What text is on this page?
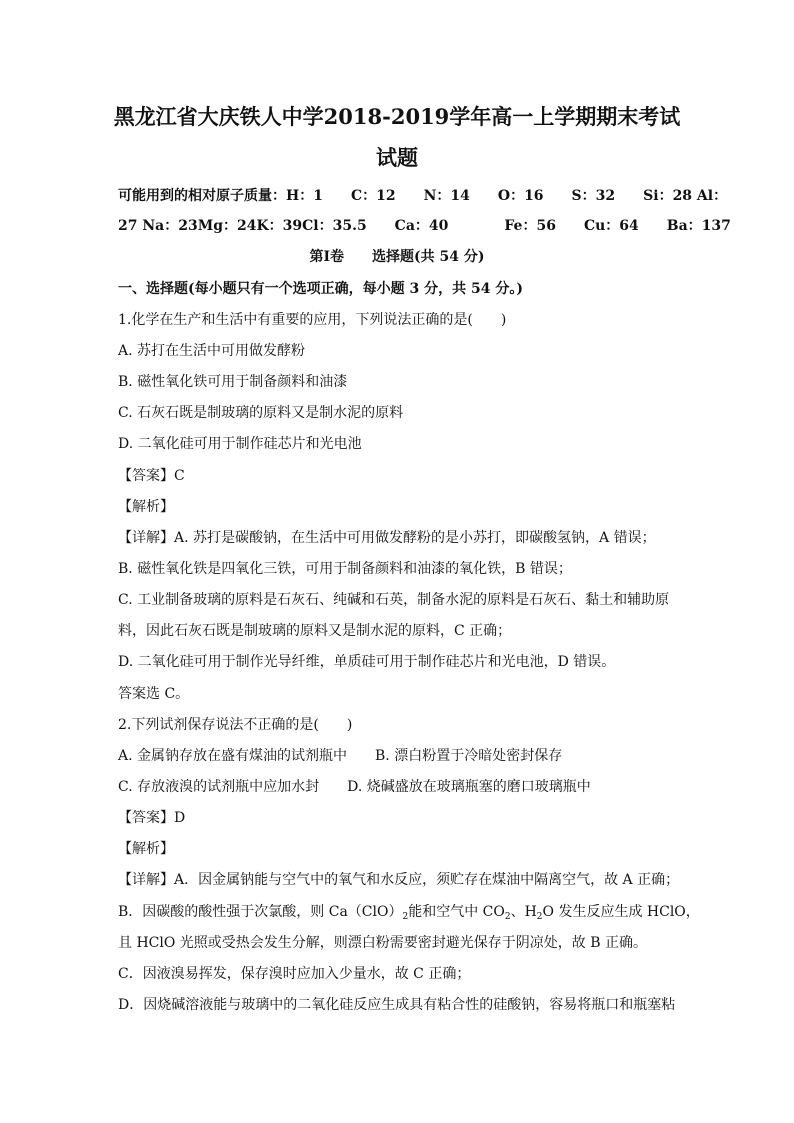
黑龙江省大庆铁人中学2018-2019学年高一上学期期末考试
试题
可能用到的相对原子质量：H：1　　C：12　　N：14　　O：16　　S：32　　Si：28 Al：
27 Na：23Mg：24K：39Cl：35.5　　Ca：40　　　　Fe：56　　Cu：64　　Ba：137
第Ⅰ卷　　选择题(共 54 分)
一、选择题(每小题只有一个选项正确，每小题 3 分，共 54 分。)
1.化学在生产和生活中有重要的应用，下列说法正确的是(　　)
A. 苏打在生活中可用做发酵粉
B. 磁性氧化铁可用于制备颜料和油漆
C. 石灰石既是制玻璃的原料又是制水泥的原料
D. 二氧化硅可用于制作硅芯片和光电池
【答案】C
【解析】
【详解】A. 苏打是碳酸钠，在生活中可用做发酵粉的是小苏打，即碳酸氢钠，A 错误；
B. 磁性氧化铁是四氧化三铁，可用于制备颜料和油漆的氧化铁，B 错误；
C. 工业制备玻璃的原料是石灰石、纯碱和石英，制备水泥的原料是石灰石、黏土和辅助原
料，因此石灰石既是制玻璃的原料又是制水泥的原料，C 正确；
D. 二氧化硅可用于制作光导纤维，单质硅可用于制作硅芯片和光电池，D 错误。
答案选 C。
2.下列试剂保存说法不正确的是(　　)
A. 金属钠存放在盛有煤油的试剂瓶中　　B. 漂白粉置于冷暗处密封保存
C. 存放液溴的试剂瓶中应加水封　　D. 烧碱盛放在玻璃瓶塞的磨口玻璃瓶中
【答案】D
【解析】
【详解】A．因金属钠能与空气中的氧气和水反应，须贮存在煤油中隔离空气，故 A 正确；
B．因碳酸的酸性强于次氯酸，则 $Ca(ClO)_2$能和空气中 $CO_2$、$H_2O$ 发生反应生成 HClO，
且 HClO 光照或受热会发生分解，则漂白粉需要密封避光保存于阴凉处，故 B 正确。
C．因液溴易挥发，保存溴时应加入少量水，故 C 正确；
D．因烧碱溶液能与玻璃中的二氧化硅反应生成具有粘合性的硅酸钠，容易将瓶口和瓶塞粘
